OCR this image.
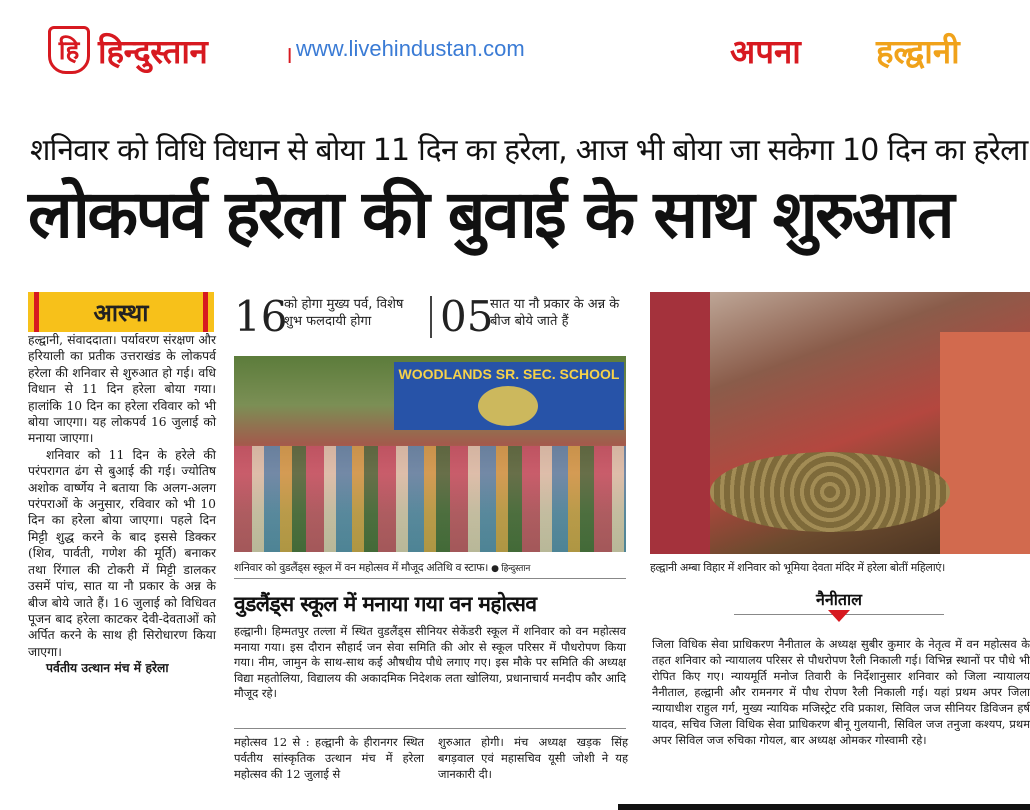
हि हिन्दुस्तान	। www.livehindustan.com	अपना हल्द्वानी
शनिवार को विधि विधान से बोया 11 दिन का हरेला, आज भी बोया जा सकेगा 10 दिन का हरेला
लोकपर्व हरेला की बुवाई के साथ शुरुआत
आस्था

हल्द्वानी, संवाददाता। पर्यावरण संरक्षण और हरियाली का प्रतीक उत्तराखंड के लोकपर्व हरेला की शनिवार से शुरुआत हो गई। वधि विधान से 11 दिन हरेला बोया गया। हालांकि 10 दिन का हरेला रविवार को भी बोया जाएगा। यह लोकपर्व 16 जुलाई को मनाया जाएगा।

शनिवार को 11 दिन के हरेले की परंपरागत ढंग से बुआई की गई। ज्योतिष अशोक वार्ष्णेय ने बताया कि अलग-अलग परंपराओं के अनुसार, रविवार को भी 10 दिन का हरेला बोया जाएगा। पहले दिन मिट्टी शुद्ध करने के बाद इससे डिक्कर (शिव, पार्वती, गणेश की मूर्ति) बनाकर तथा रिंगाल की टोकरी में मिट्टी डालकर उसमें पांच, सात या नौ प्रकार के अन्न के बीज बोये जाते हैं। 16 जुलाई को विधिवत पूजन बाद हरेला काटकर देवी-देवताओं को अर्पित करने के साथ ही सिरोधारण किया जाएगा।

पर्वतीय उत्थान मंच में हरेला

16
को होगा मुख्य पर्व, विशेष शुभ फलदायी होगा	05
सात या नौ प्रकार के अन्न के बीज बोये जाते हैं
WOODLANDS SR. SEC. SCHOOL
शनिवार को वुडलैंड्स स्कूल में वन महोत्सव में मौजूद अतिथि व स्टाफ। ● हिन्दुस्तान
वुडलैंड्स स्कूल में मनाया गया वन महोत्सव
हल्द्वानी। हिम्मतपुर तल्ला में स्थित वुडलैंड्स सीनियर सेकेंडरी स्कूल में शनिवार को वन महोत्सव मनाया गया। इस दौरान सौहार्द जन सेवा समिति की ओर से स्कूल परिसर में पौधरोपण किया गया। नीम, जामुन के साथ-साथ कई औषधीय पौधे लगाए गए। इस मौके पर समिति की अध्यक्ष विद्या महतोलिया, विद्यालय की अकादमिक निदेशक लता खोलिया, प्रधानाचार्य मनदीप कौर आदि मौजूद रहे।
महोत्सव 12 से : हल्द्वानी के हीरानगर स्थित पर्वतीय सांस्कृतिक उत्थान मंच में हरेला महोत्सव की 12 जुलाई से
शुरुआत होगी। मंच अध्यक्ष खड़क सिंह बगड़वाल एवं महासचिव यूसी जोशी ने यह जानकारी दी।
हल्द्वानी अम्बा विहार में शनिवार को भूमिया देवता मंदिर में हरेला बोतीं महिलाएं।
नैनीताल
जिला विधिक सेवा प्राधिकरण नैनीताल के अध्यक्ष सुबीर कुमार के नेतृत्व में वन महोत्सव के तहत शनिवार को न्यायालय परिसर से पौधरोपण रैली निकाली गई। विभिन्न स्थानों पर पौधे भी रोपित किए गए। न्यायमूर्ति मनोज तिवारी के निर्देशानुसार शनिवार को जिला न्यायालय नैनीताल, हल्द्वानी और रामनगर में पौध रोपण रैली निकाली गई। यहां प्रथम अपर जिला न्यायाधीश राहुल गर्ग, मुख्य न्यायिक मजिस्ट्रेट रवि प्रकाश, सिविल जज सीनियर डिविजन हर्ष यादव, सचिव जिला विधिक सेवा प्राधिकरण बीनू गुलयानी, सिविल जज तनुजा कश्यप, प्रथम अपर सिविल जज रुचिका गोयल, बार अध्यक्ष ओमकर गोस्वामी रहे।
